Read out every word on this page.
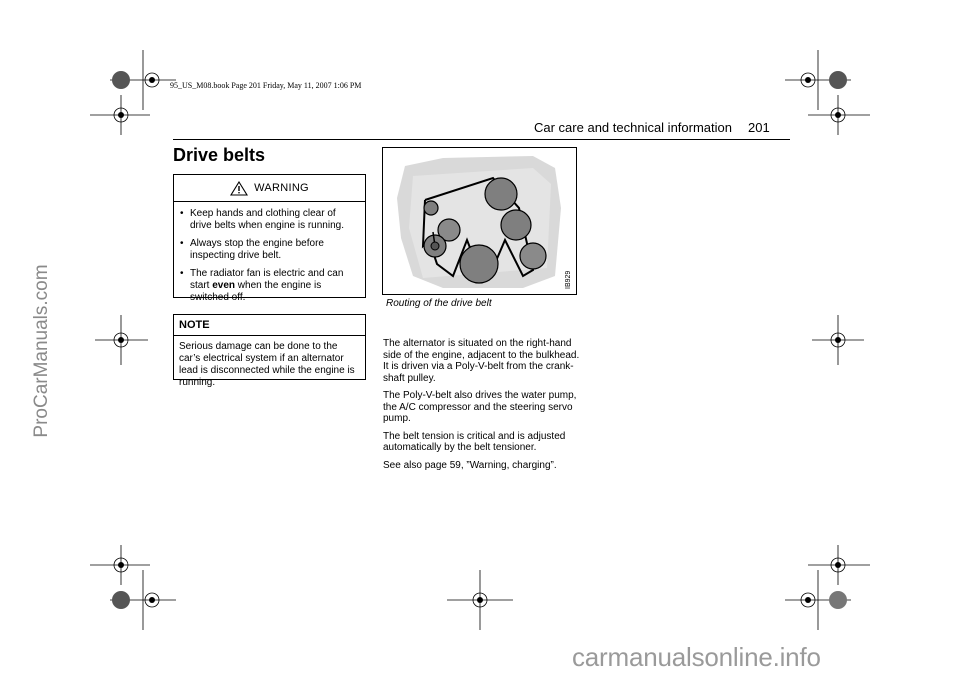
95_US_M08.book Page 201 Friday, May 11, 2007 1:06 PM
ProCarManuals.com
Car care and technical information 201
Drive belts
WARNING
• Keep hands and clothing clear of drive belts when engine is running.
• Always stop the engine before inspecting drive belt.
• The radiator fan is electric and can start even when the engine is switched off.
NOTE
Serious damage can be done to the car’s electrical system if an alternator lead is disconnected while the engine is running.
IB929
Routing of the drive belt

The alternator is situated on the right-hand side of the engine, adjacent to the bulkhead. It is driven via a Poly-V-belt from the crank-shaft pulley.

The Poly-V-belt also drives the water pump, the A/C compressor and the steering servo pump.

The belt tension is critical and is adjusted automatically by the belt tensioner.

See also page 59, ”Warning, charging”.

carmanualsonline.info
